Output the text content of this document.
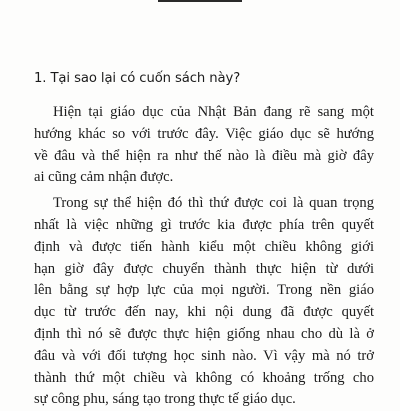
1. Tại sao lại có cuốn sách này?
Hiện tại giáo dục của Nhật Bản đang rẽ sang một
hướng khác so với trước đây. Việc giáo dục sẽ hướng
về đâu và thể hiện ra như thế nào là điều mà giờ đây
ai cũng cảm nhận được.
Trong sự thể hiện đó thì thứ được coi là quan trọng
nhất là việc những gì trước kia được phía trên quyết
định và được tiến hành kiểu một chiều không giới
hạn giờ đây được chuyển thành thực hiện từ dưới
lên bằng sự hợp lực của mọi người. Trong nền giáo
dục từ trước đến nay, khi nội dung đã được quyết
định thì nó sẽ được thực hiện giống nhau cho dù là ở
đâu và với đối tượng học sinh nào. Vì vậy mà nó trở
thành thứ một chiều và không có khoảng trống cho
sự công phu, sáng tạo trong thực tế giáo dục.
